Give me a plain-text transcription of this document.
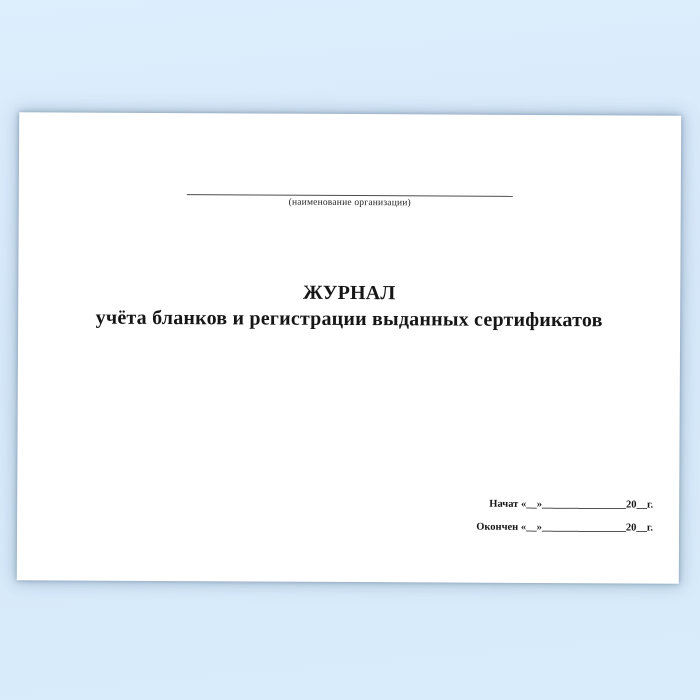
(наименование организации)
ЖУРНАЛ
учёта бланков и регистрации выданных сертификатов
Начат «__»________________20__г.
Окончен «__»________________20__г.
